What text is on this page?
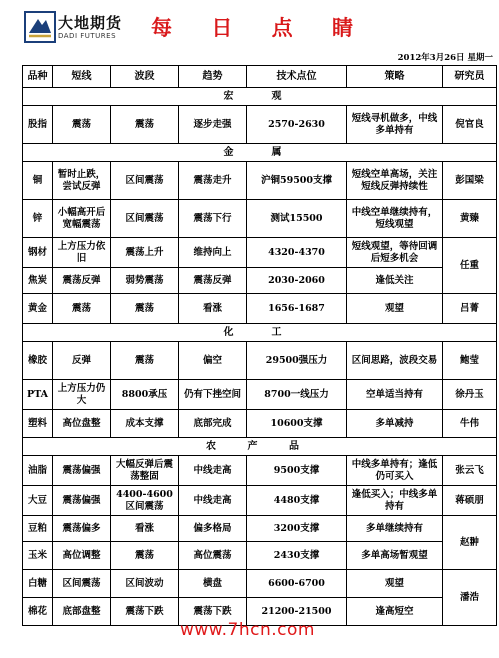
大地期货
DADI FUTURES 每 日 点 睛
2012年3月26日 星期一
品种	短线	波段	趋势	技术点位	策略	研究员
宏　观						
股指	震荡	震荡	逐步走强	2570-2630	短线寻机做多，中线多单持有	倪官良
金　属						
铜	暂时止跌，尝试反弹	区间震荡	震荡走升	沪铜59500支撑	短线空单高场，关注短线反弹持续性	彭国梁
锌	小幅高开后宽幅震荡	区间震荡	震荡下行	测试15500	中线空单继续持有，短线观望	黄臻
钢材	上方压力依旧	震荡上升	维持向上	4320-4370	短线观望，等待回调后短多机会	任重
焦炭	震荡反弹	弱势震荡	震荡反弹	2030-2060	逢低关注	
黄金	震荡	震荡	看涨	1656-1687	观望	吕菁
化　工						
橡胶	反弹	震荡	偏空	29500强压力	区间思路，波段交易	鲍莹
PTA	上方压力仍大	8800承压	仍有下挫空间	8700一线压力	空单适当持有	徐丹玉
塑料	高位盘整	成本支撑	底部完成	10600支撑	多单减持	牛伟
农 产 品						
油脂	震荡偏强	大幅反弹后震荡整固	中线走高	9500支撑	中线多单持有；逢低仍可买入	张云飞
大豆	震荡偏强	4400-4600区间震荡	中线走高	4480支撑	逢低买入；中线多单持有	蒋硕朋
豆粕	震荡偏多	看涨	偏多格局	3200支撑	多单继续持有	赵翀
玉米	高位调整	震荡	高位震荡	2430支撑	多单高场暂观望	
白糖	区间震荡	区间波动	横盘	6600-6700	观望	潘浩
棉花	底部盘整	震荡下跌	震荡下跌	21200-21500	逢高短空	
www.7hcn.com
